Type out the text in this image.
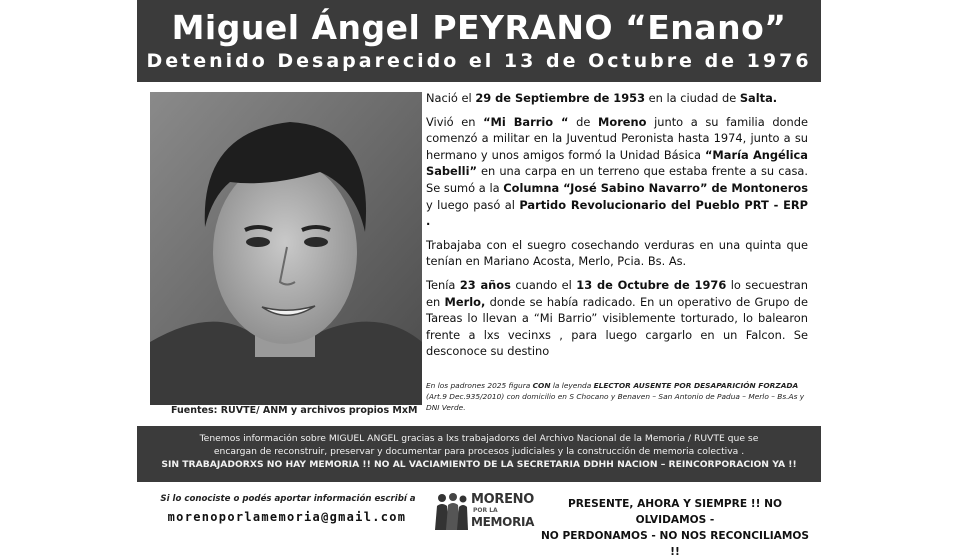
Miguel Ángel PEYRANO “Enano”
Detenido Desaparecido el 13 de Octubre de 1976
Fuentes: RUVTE/ ANM y archivos propios MxM

Nació el 29 de Septiembre de 1953 en la ciudad de Salta.

Vivió en “Mi Barrio “ de Moreno junto a su familia donde comenzó a militar en la Juventud Peronista hasta 1974, junto a su hermano y unos amigos formó la Unidad Básica “María Angélica Sabelli” en una carpa en un terreno que estaba frente a su casa. Se sumó a la Columna “José Sabino Navarro” de Montoneros y luego pasó al Partido Revolucionario del Pueblo PRT - ERP .

Trabajaba con el suegro cosechando verduras en una quinta que tenían en Mariano Acosta, Merlo, Pcia. Bs. As.

Tenía 23 años cuando el 13 de Octubre de 1976 lo secuestran en Merlo, donde se había radicado. En un operativo de Grupo de Tareas lo llevan a “Mi Barrio” visiblemente torturado, lo balearon frente a lxs vecinxs , para luego cargarlo en un Falcon. Se desconoce su destino

En los padrones 2025 figura CON la leyenda ELECTOR AUSENTE POR DESAPARICIÓN FORZADA (Art.9 Dec.935/2010) con domicilio en S Chocano y Benaven – San Antonio de Padua – Merlo – Bs.As y DNI Verde.
Tenemos información sobre MIGUEL ANGEL gracias a lxs trabajadorxs del Archivo Nacional de la Memoria / RUVTE que se
encargan de reconstruir, preservar y documentar para procesos judiciales y la construcción de memoria colectiva .
SIN TRABAJADORXS NO HAY MEMORIA !! NO AL VACIAMIENTO DE LA SECRETARIA DDHH NACION – REINCORPORACION YA !!
Si lo conociste o podés aportar información escribí a
morenoporlamemoria@gmail.com
MORENO
POR LA
MEMORIA
PRESENTE, AHORA Y SIEMPRE !! NO OLVIDAMOS -
NO PERDONAMOS - NO NOS RECONCILIAMOS !!
